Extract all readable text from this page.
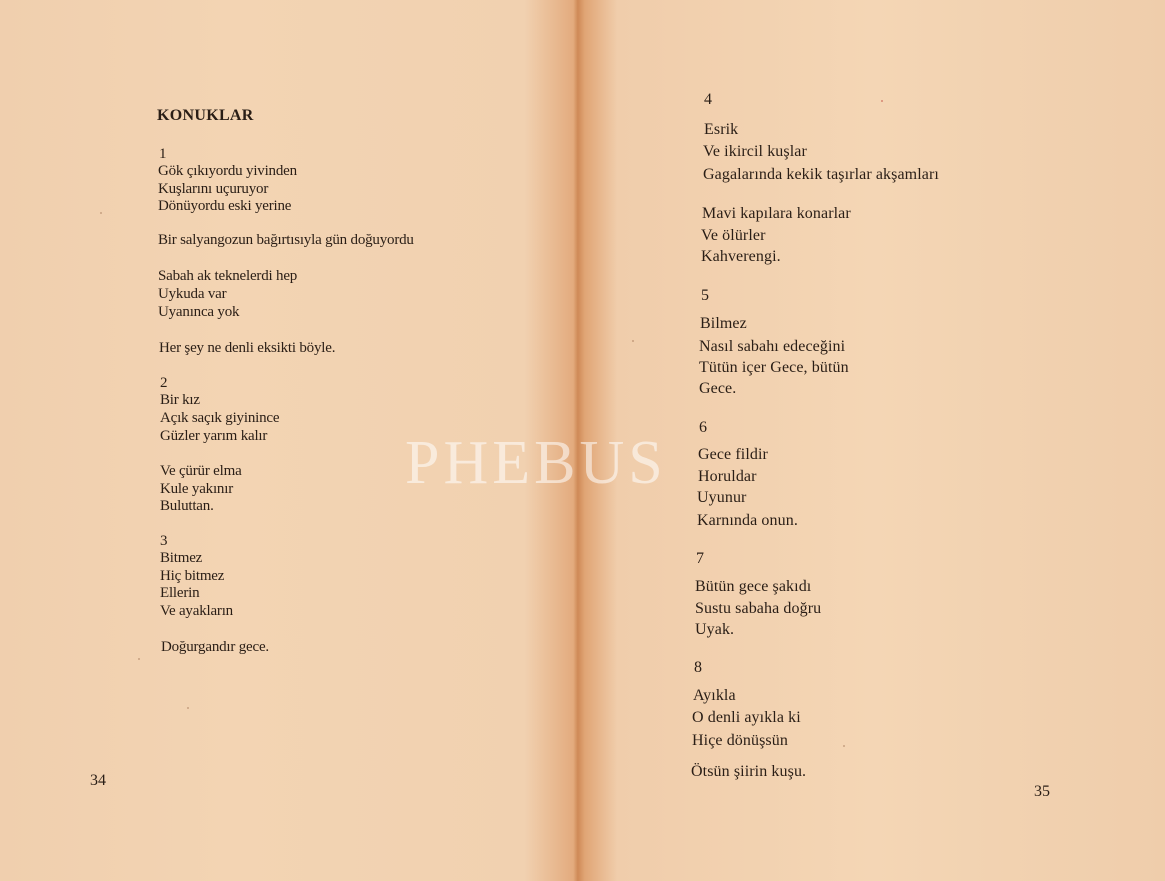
KONUKLAR
1
Gök çıkıyordu yivinden
Kuşlarını uçuruyor
Dönüyordu eski yerine
Bir salyangozun bağırtısıyla gün doğuyordu
Sabah ak teknelerdi hep
Uykuda var
Uyanınca yok
Her şey ne denli eksikti böyle.
2
Bir kız
Açık saçık giyinince
Güzler yarım kalır
Ve çürür elma
Kule yakınır
Buluttan.
3
Bitmez
Hiç bitmez
Ellerin
Ve ayakların
Doğurgandır gece.
34
4
Esrik
Ve ikircil kuşlar
Gagalarında kekik taşırlar akşamları
Mavi kapılara konarlar
Ve ölürler
Kahverengi.
5
Bilmez
Nasıl sabahı edeceğini
Tütün içer Gece, bütün
Gece.
6
Gece fildir
Horuldar
Uyunur
Karnında onun.
7
Bütün gece şakıdı
Sustu sabaha doğru
Uyak.
8
Ayıkla
O denli ayıkla ki
Hiçe dönüşsün
Ötsün şiirin kuşu.
35
PHEBUS
